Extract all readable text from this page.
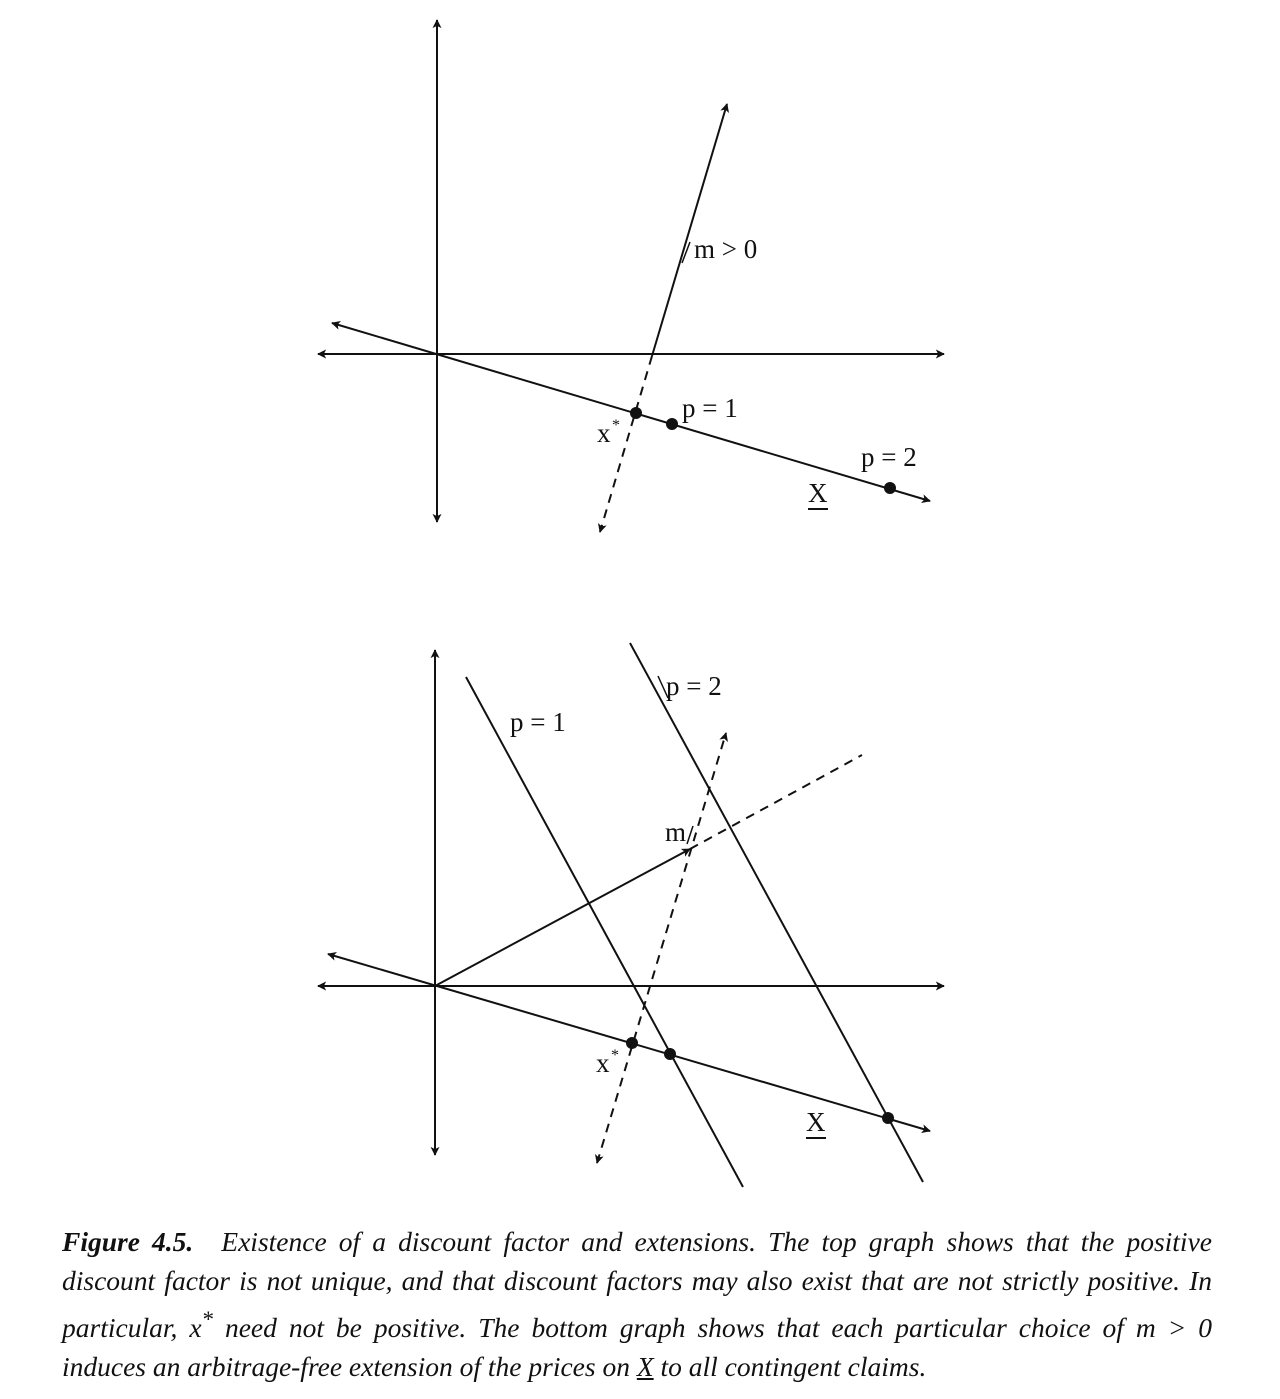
m > 0
p = 1
p = 2
x *
X
p = 1
p = 2
m
x *
X
Figure 4.5. Existence of a discount factor and extensions. The top graph shows that the positive discount factor is not unique, and that discount factors may also exist that are not strictly positive. In particular, x* need not be positive. The bottom graph shows that each particular choice of m > 0 induces an arbitrage-free extension of the prices on X to all contingent claims.
